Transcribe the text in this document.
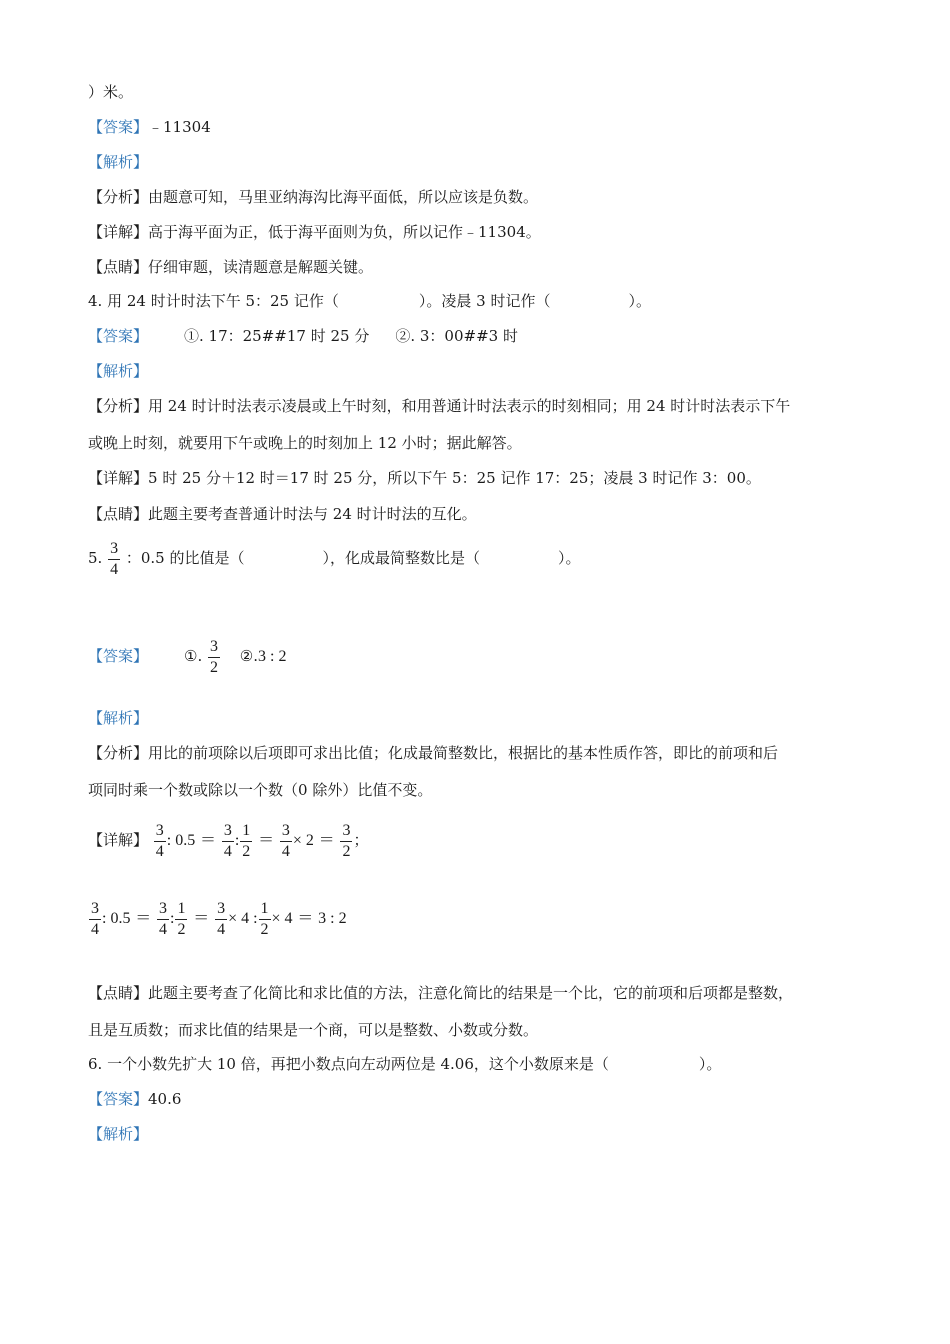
）米。
【答案】﹣11304
【解析】
【分析】由题意可知，马里亚纳海沟比海平面低，所以应该是负数。
【详解】高于海平面为正，低于海平面则为负，所以记作﹣11304。
【点睛】仔细审题，读清题意是解题关键。
4. 用 24 时计时法下午 5：25 记作（	）。凌晨 3 时记作（	）。
【答案】 ①. 17：25##17 时 25 分 ②. 3：00##3 时
【解析】
【分析】用 24 时计时法表示凌晨或上午时刻，和用普通计时法表示的时刻相同；用 24 时计时法表示下午
或晚上时刻，就要用下午或晚上的时刻加上 12 小时；据此解答。
【详解】5 时 25 分＋12 时＝17 时 25 分，所以下午 5：25 记作 17：25；凌晨 3 时记作 3：00。
【点睛】此题主要考查普通计时法与 24 时计时法的互化。
5. $\frac{3}{4}$ ：0.5 的比值是（	），化成最简整数比是（	）。
【答案】 ①. $\frac{3}{2}$ ②.3 : 2
【解析】
【分析】用比的前项除以后项即可求出比值；化成最简整数比，根据比的基本性质作答，即比的前项和后
项同时乘一个数或除以一个数（0 除外）比值不变。
【详解】 $\frac{3}{4}$ : $0.5 = \frac{3}{4}$ : $\frac{1}{2} = \frac{3}{4} \times 2 = \frac{3}{2}$ ；
$\frac{3}{4}$ : $0.5 = \frac{3}{4}$ : $\frac{1}{2} = \frac{3}{4} \times 4$ : $\frac{1}{2} \times 4 = 3$ : 2
【点睛】此题主要考查了化简比和求比值的方法，注意化简比的结果是一个比，它的前项和后项都是整数，
且是互质数；而求比值的结果是一个商，可以是整数、小数或分数。
6. 一个小数先扩大 10 倍，再把小数点向左动两位是 4.06，这个小数原来是（	）。
【答案】40.6
【解析】
